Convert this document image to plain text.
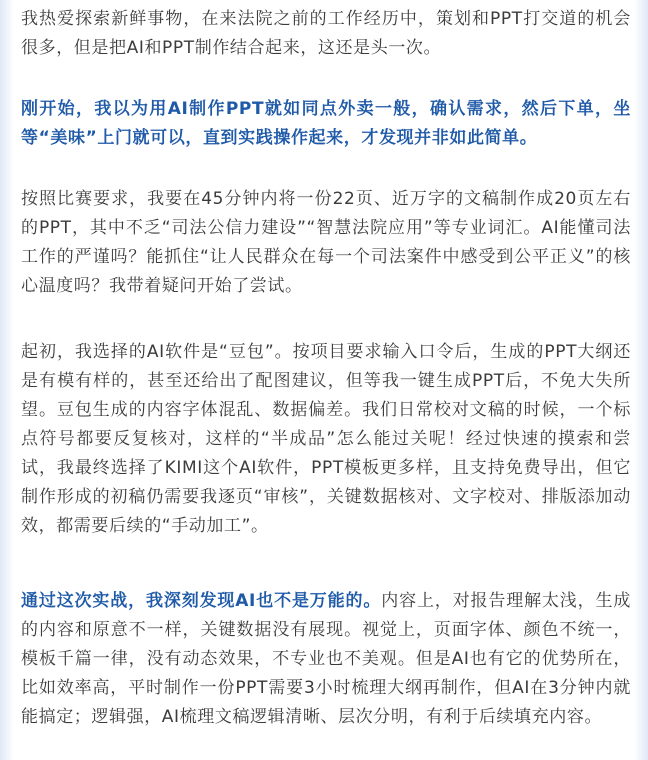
我热爱探索新鲜事物，在来法院之前的工作经历中，策划和PPT打交道的机会很多，但是把AI和PPT制作结合起来，这还是头一次。

刚开始，我以为用AI制作PPT就如同点外卖一般，确认需求，然后下单，坐等“美味”上门就可以，直到实践操作起来，才发现并非如此简单。

按照比赛要求，我要在45分钟内将一份22页、近万字的文稿制作成20页左右的PPT，其中不乏“司法公信力建设”“智慧法院应用”等专业词汇。AI能懂司法工作的严谨吗？能抓住“让人民群众在每一个司法案件中感受到公平正义”的核心温度吗？我带着疑问开始了尝试。

起初，我选择的AI软件是“豆包”。按项目要求输入口令后，生成的PPT大纲还是有模有样的，甚至还给出了配图建议，但等我一键生成PPT后，不免大失所望。豆包生成的内容字体混乱、数据偏差。我们日常校对文稿的时候，一个标点符号都要反复核对，这样的“半成品”怎么能过关呢！经过快速的摸索和尝试，我最终选择了KIMI这个AI软件，PPT模板更多样，且支持免费导出，但它制作形成的初稿仍需要我逐页“审核”，关键数据核对、文字校对、排版添加动效，都需要后续的“手动加工”。

通过这次实战，我深刻发现AI也不是万能的。内容上，对报告理解太浅，生成的内容和原意不一样，关键数据没有展现。视觉上，页面字体、颜色不统一，模板千篇一律，没有动态效果，不专业也不美观。但是AI也有它的优势所在，比如效率高，平时制作一份PPT需要3小时梳理大纲再制作，但AI在3分钟内就能搞定；逻辑强，AI梳理文稿逻辑清晰、层次分明，有利于后续填充内容。
